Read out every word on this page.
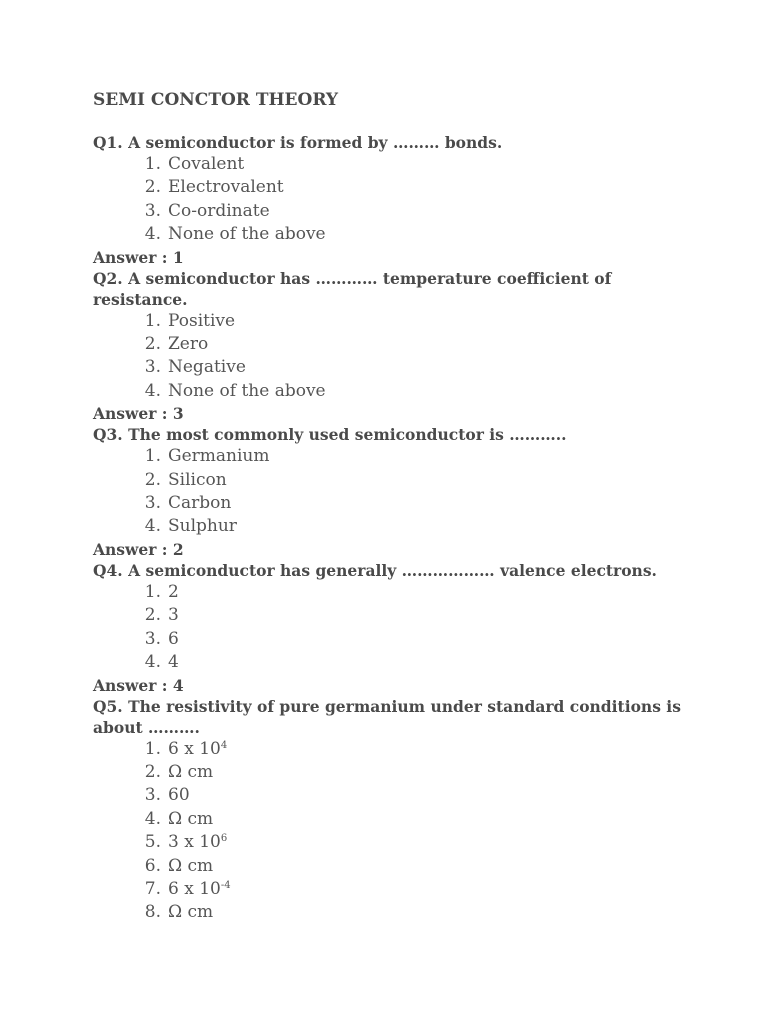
SEMI CONCTOR THEORY

Q1. A semiconductor is formed by ……… bonds.

1. Covalent
2. Electrovalent
3. Co-ordinate
4. None of the above

Answer : 1

Q2. A semiconductor has ………… temperature coefficient of resistance.

1. Positive
2. Zero
3. Negative
4. None of the above

Answer : 3

Q3. The most commonly used semiconductor is ………..

1. Germanium
2. Silicon
3. Carbon
4. Sulphur

Answer : 2

Q4. A semiconductor has generally ……………… valence electrons.

1. 2
2. 3
3. 6
4. 4

Answer : 4

Q5. The resistivity of pure germanium under standard conditions is about ……….

1. 6 x $10^4$
2. Ω cm
3. 60
4. Ω cm
5. 3 x $10^6$
6. Ω cm
7. 6 x $10^{-4}$
8. Ω cm
